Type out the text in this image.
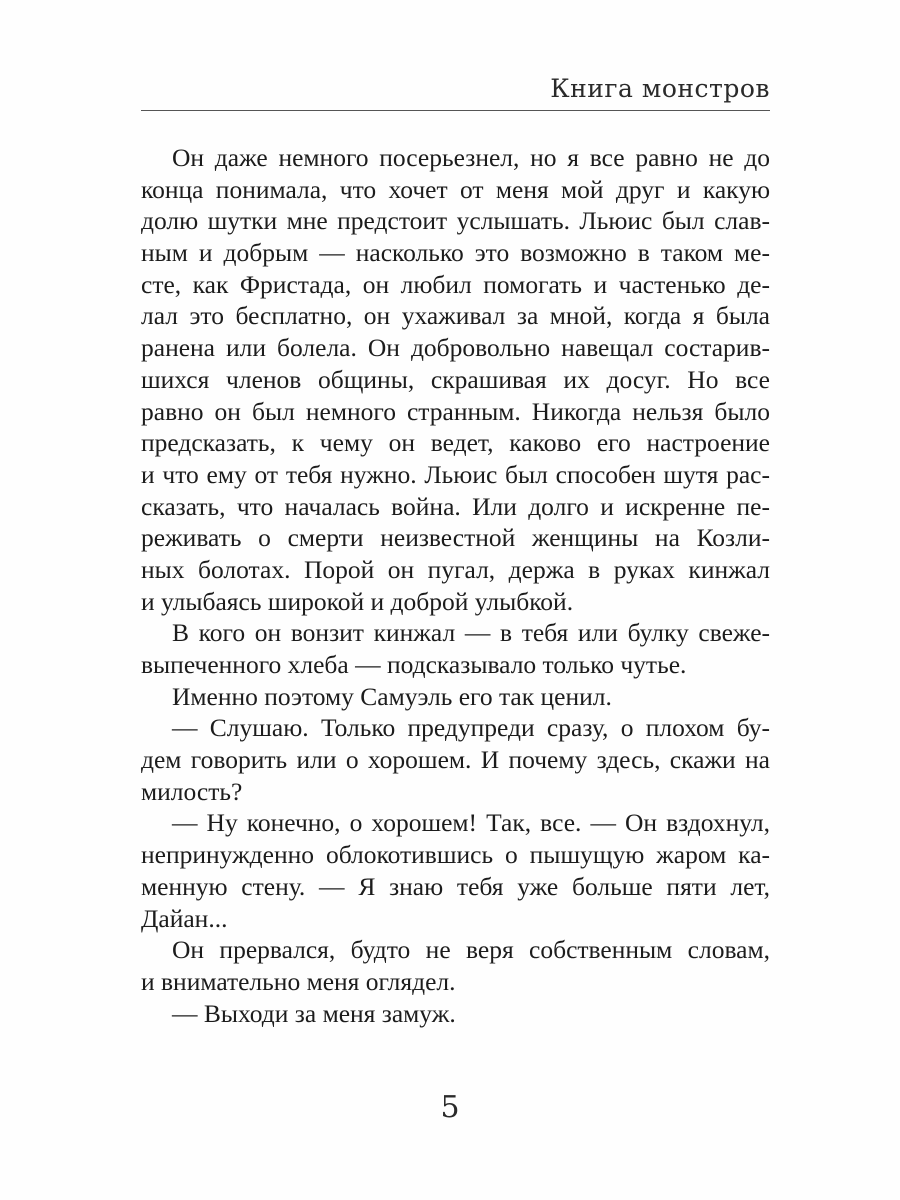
Книга монстров
Он даже немного посерьезнел, но я все равно не до
конца понимала, что хочет от меня мой друг и какую
долю шутки мне предстоит услышать. Льюис был слав-
ным и добрым — насколько это возможно в таком ме-
сте, как Фристада, он любил помогать и частенько де-
лал это бесплатно, он ухаживал за мной, когда я была
ранена или болела. Он добровольно навещал состарив-
шихся членов общины, скрашивая их досуг. Но все
равно он был немного странным. Никогда нельзя было
предсказать, к чему он ведет, каково его настроение
и что ему от тебя нужно. Льюис был способен шутя рас-
сказать, что началась война. Или долго и искренне пе-
реживать о смерти неизвестной женщины на Козли-
ных болотах. Порой он пугал, держа в руках кинжал
и улыбаясь широкой и доброй улыбкой.
В кого он вонзит кинжал — в тебя или булку свеже-
выпеченного хлеба — подсказывало только чутье.
Именно поэтому Самуэль его так ценил.
— Слушаю. Только предупреди сразу, о плохом бу-
дем говорить или о хорошем. И почему здесь, скажи на
милость?
— Ну конечно, о хорошем! Так, все. — Он вздохнул,
непринужденно облокотившись о пышущую жаром ка-
менную стену. — Я знаю тебя уже больше пяти лет,
Дайан...
Он прервался, будто не веря собственным словам,
и внимательно меня оглядел.
— Выходи за меня замуж.
5
